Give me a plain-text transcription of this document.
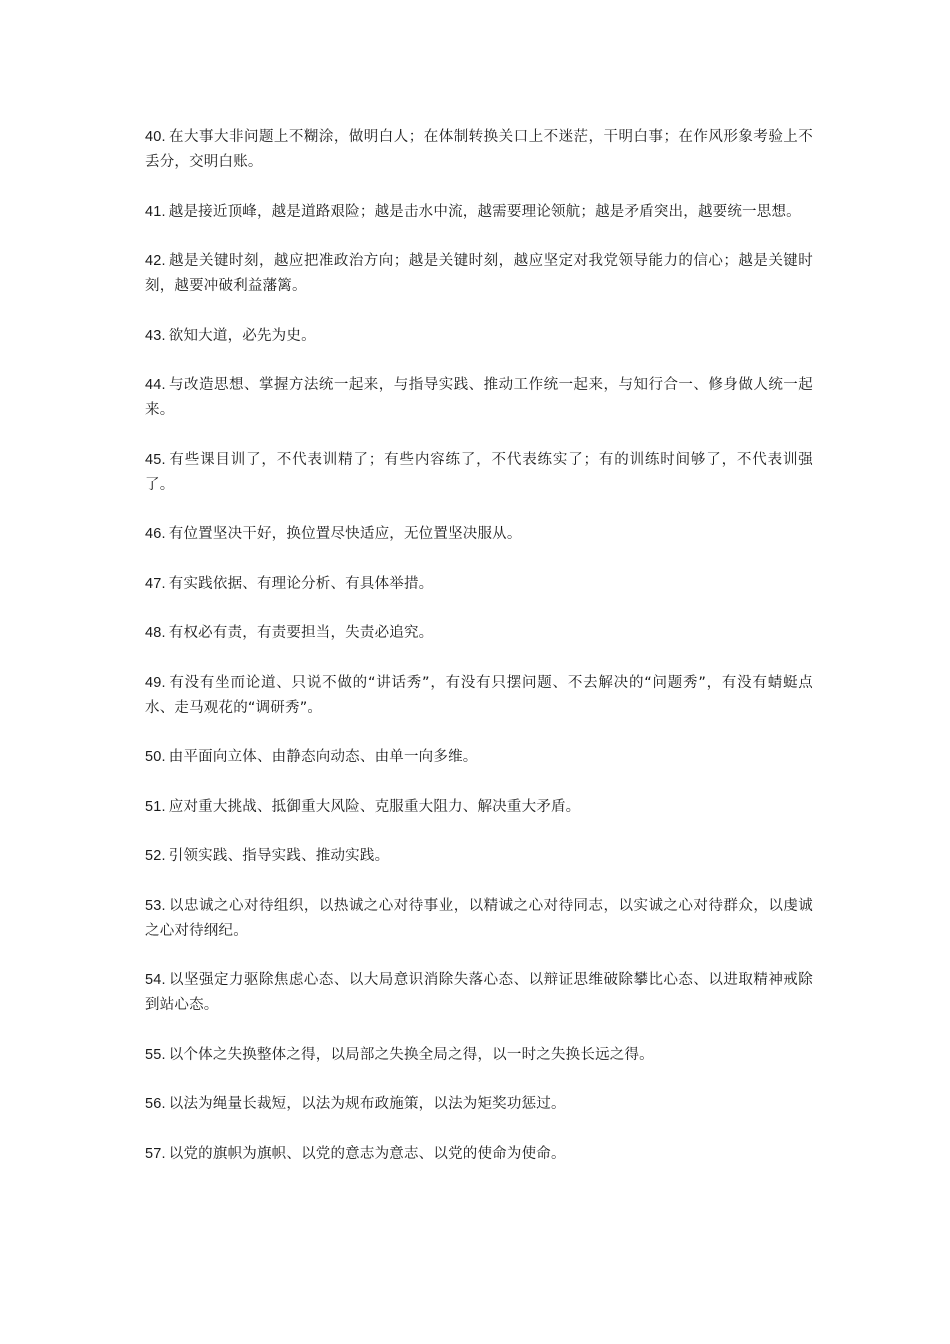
40. 在大事大非问题上不糊涂，做明白人；在体制转换关口上不迷茫，干明白事；在作风形象考验上不丢分，交明白账。

41. 越是接近顶峰，越是道路艰险；越是击水中流，越需要理论领航；越是矛盾突出，越要统一思想。

42. 越是关键时刻，越应把准政治方向；越是关键时刻，越应坚定对我党领导能力的信心；越是关键时刻，越要冲破利益藩篱。

43. 欲知大道，必先为史。

44. 与改造思想、掌握方法统一起来，与指导实践、推动工作统一起来，与知行合一、修身做人统一起来。

45. 有些课目训了，不代表训精了；有些内容练了，不代表练实了；有的训练时间够了，不代表训强了。

46. 有位置坚决干好，换位置尽快适应，无位置坚决服从。

47. 有实践依据、有理论分析、有具体举措。

48. 有权必有责，有责要担当，失责必追究。

49. 有没有坐而论道、只说不做的“讲话秀”，有没有只摆问题、不去解决的“问题秀”，有没有蜻蜓点水、走马观花的“调研秀”。

50. 由平面向立体、由静态向动态、由单一向多维。

51. 应对重大挑战、抵御重大风险、克服重大阻力、解决重大矛盾。

52. 引领实践、指导实践、推动实践。

53. 以忠诚之心对待组织，以热诚之心对待事业，以精诚之心对待同志，以实诚之心对待群众，以虔诚之心对待纲纪。

54. 以坚强定力驱除焦虑心态、以大局意识消除失落心态、以辩证思维破除攀比心态、以进取精神戒除到站心态。

55. 以个体之失换整体之得，以局部之失换全局之得，以一时之失换长远之得。

56. 以法为绳量长裁短，以法为规布政施策，以法为矩奖功惩过。

57. 以党的旗帜为旗帜、以党的意志为意志、以党的使命为使命。
